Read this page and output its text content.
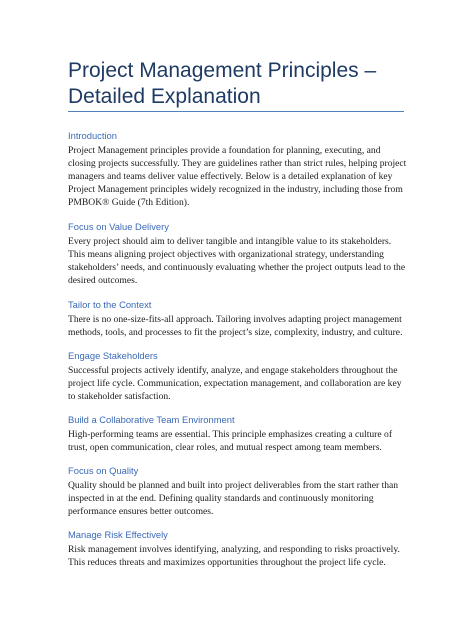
Project Management Principles – Detailed Explanation
Introduction

Project Management principles provide a foundation for planning, executing, and closing projects successfully. They are guidelines rather than strict rules, helping project managers and teams deliver value effectively. Below is a detailed explanation of key Project Management principles widely recognized in the industry, including those from PMBOK® Guide (7th Edition).

Focus on Value Delivery

Every project should aim to deliver tangible and intangible value to its stakeholders. This means aligning project objectives with organizational strategy, understanding stakeholders’ needs, and continuously evaluating whether the project outputs lead to the desired outcomes.

Tailor to the Context

There is no one-size-fits-all approach. Tailoring involves adapting project management methods, tools, and processes to fit the project’s size, complexity, industry, and culture.

Engage Stakeholders

Successful projects actively identify, analyze, and engage stakeholders throughout the project life cycle. Communication, expectation management, and collaboration are key to stakeholder satisfaction.

Build a Collaborative Team Environment

High-performing teams are essential. This principle emphasizes creating a culture of trust, open communication, clear roles, and mutual respect among team members.

Focus on Quality

Quality should be planned and built into project deliverables from the start rather than inspected in at the end. Defining quality standards and continuously monitoring performance ensures better outcomes.

Manage Risk Effectively

Risk management involves identifying, analyzing, and responding to risks proactively. This reduces threats and maximizes opportunities throughout the project life cycle.
